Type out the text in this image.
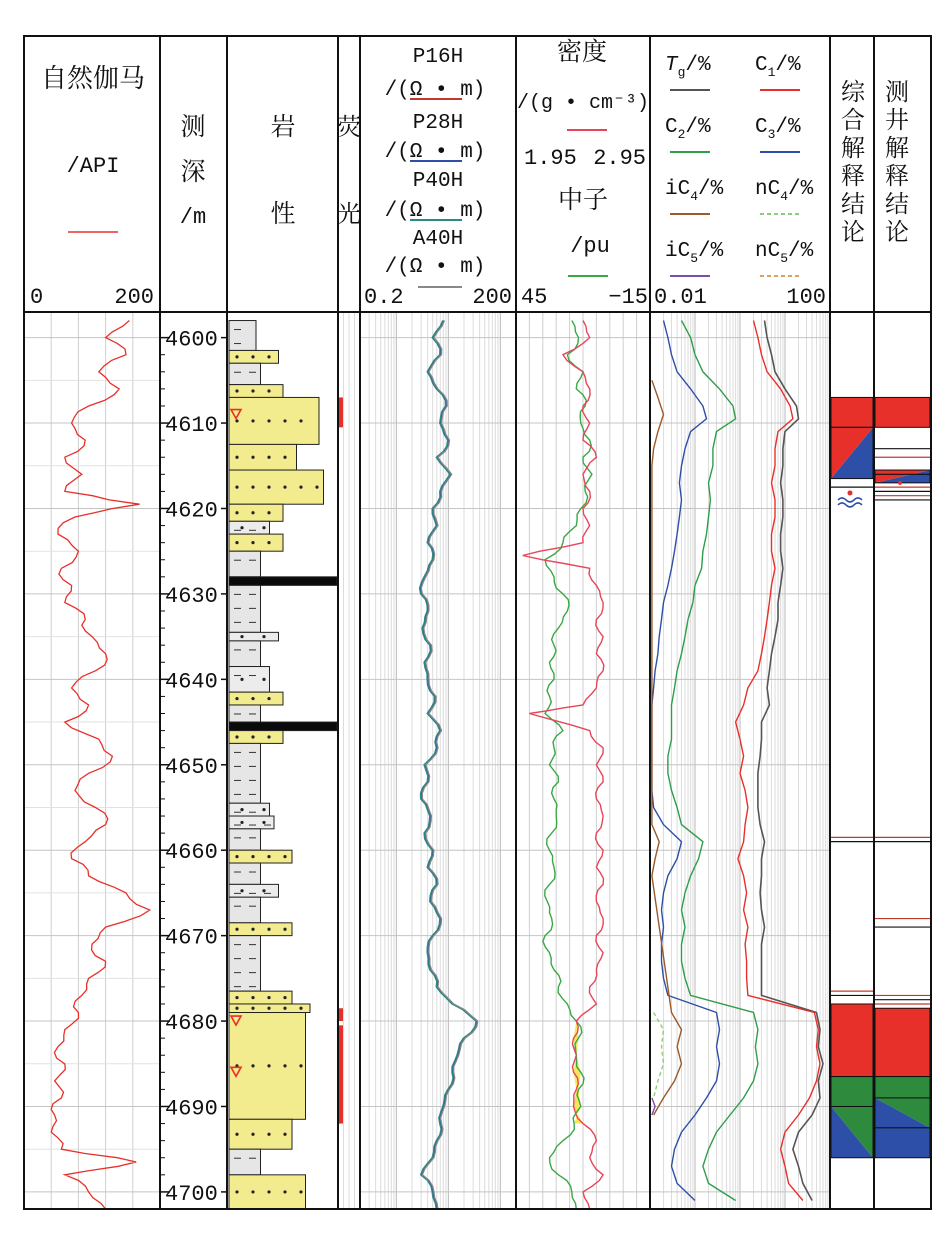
自然伽马
/API
0	200
测
深
/m
岩
性
荧
光
P16H
/(Ω • m)
P28H
/(Ω • m)
P40H
/(Ω • m)
A40H
/(Ω • m)
0.2	200
密度
/(g • cm⁻³)
1.95 2.95
中子
/pu
45	−15
$T_g/\%$ $C_1/\%$
$C_2/\%$ $C_3/\%$
$iC_4/\%$ $nC_4/\%$
$iC_5/\%$ $nC_5/\%$
0.01	100
综
合
解
释
结
论
测
井
解
释
结
论
4600
4610
4620
4630
4640
4650
4660
4670
4680
4690
4700
